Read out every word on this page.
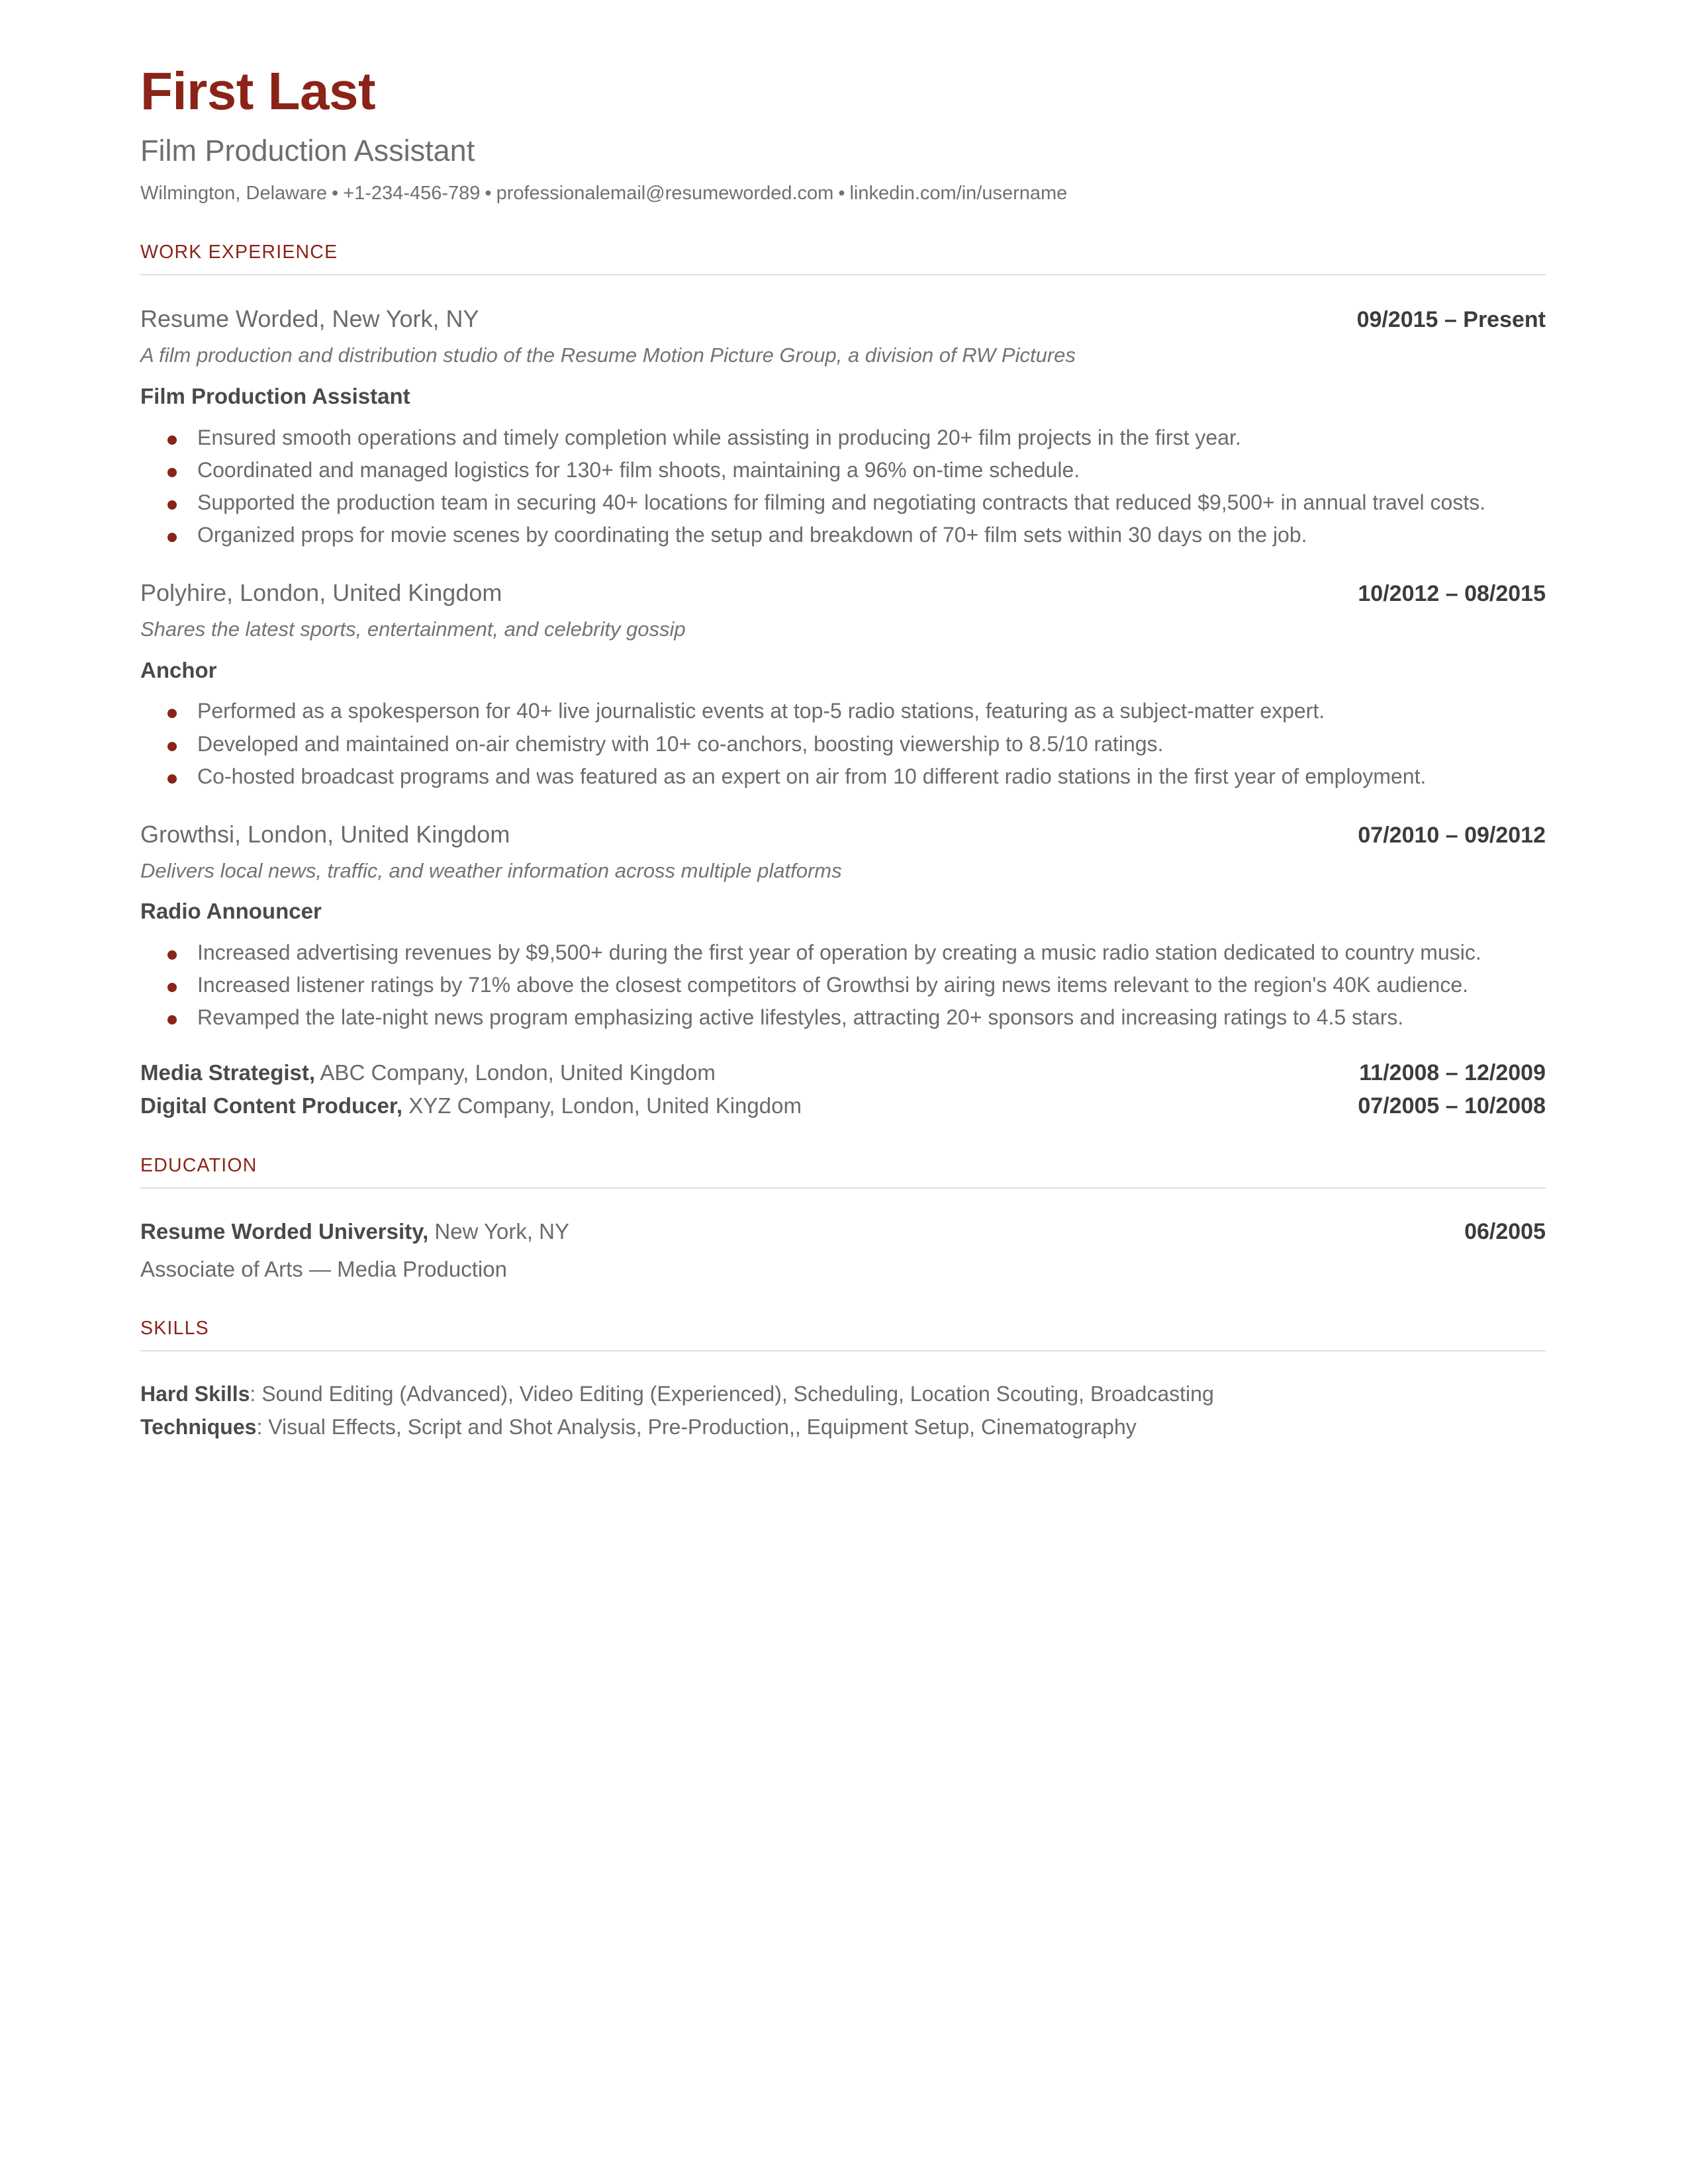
First Last
Film Production Assistant
Wilmington, Delaware • +1-234-456-789 • professionalemail@resumeworded.com • linkedin.com/in/username
WORK EXPERIENCE
Resume Worded, New York, NY	09/2015 – Present
A film production and distribution studio of the Resume Motion Picture Group, a division of RW Pictures
Film Production Assistant
Ensured smooth operations and timely completion while assisting in producing 20+ film projects in the first year.
Coordinated and managed logistics for 130+ film shoots, maintaining a 96% on-time schedule.
Supported the production team in securing 40+ locations for filming and negotiating contracts that reduced $9,500+ in annual travel costs.
Organized props for movie scenes by coordinating the setup and breakdown of 70+ film sets within 30 days on the job.
Polyhire, London, United Kingdom	10/2012 – 08/2015
Shares the latest sports, entertainment, and celebrity gossip
Anchor
Performed as a spokesperson for 40+ live journalistic events at top-5 radio stations, featuring as a subject-matter expert.
Developed and maintained on-air chemistry with 10+ co-anchors, boosting viewership to 8.5/10 ratings.
Co-hosted broadcast programs and was featured as an expert on air from 10 different radio stations in the first year of employment.
Growthsi, London, United Kingdom	07/2010 – 09/2012
Delivers local news, traffic, and weather information across multiple platforms
Radio Announcer
Increased advertising revenues by $9,500+ during the first year of operation by creating a music radio station dedicated to country music.
Increased listener ratings by 71% above the closest competitors of Growthsi by airing news items relevant to the region's 40K audience.
Revamped the late-night news program emphasizing active lifestyles, attracting 20+ sponsors and increasing ratings to 4.5 stars.
Media Strategist, ABC Company, London, United Kingdom	11/2008 – 12/2009
Digital Content Producer, XYZ Company, London, United Kingdom	07/2005 – 10/2008
EDUCATION
Resume Worded University, New York, NY	06/2005
Associate of Arts — Media Production
SKILLS
Hard Skills: Sound Editing (Advanced), Video Editing (Experienced), Scheduling, Location Scouting, Broadcasting
Techniques: Visual Effects, Script and Shot Analysis, Pre-Production,, Equipment Setup, Cinematography
